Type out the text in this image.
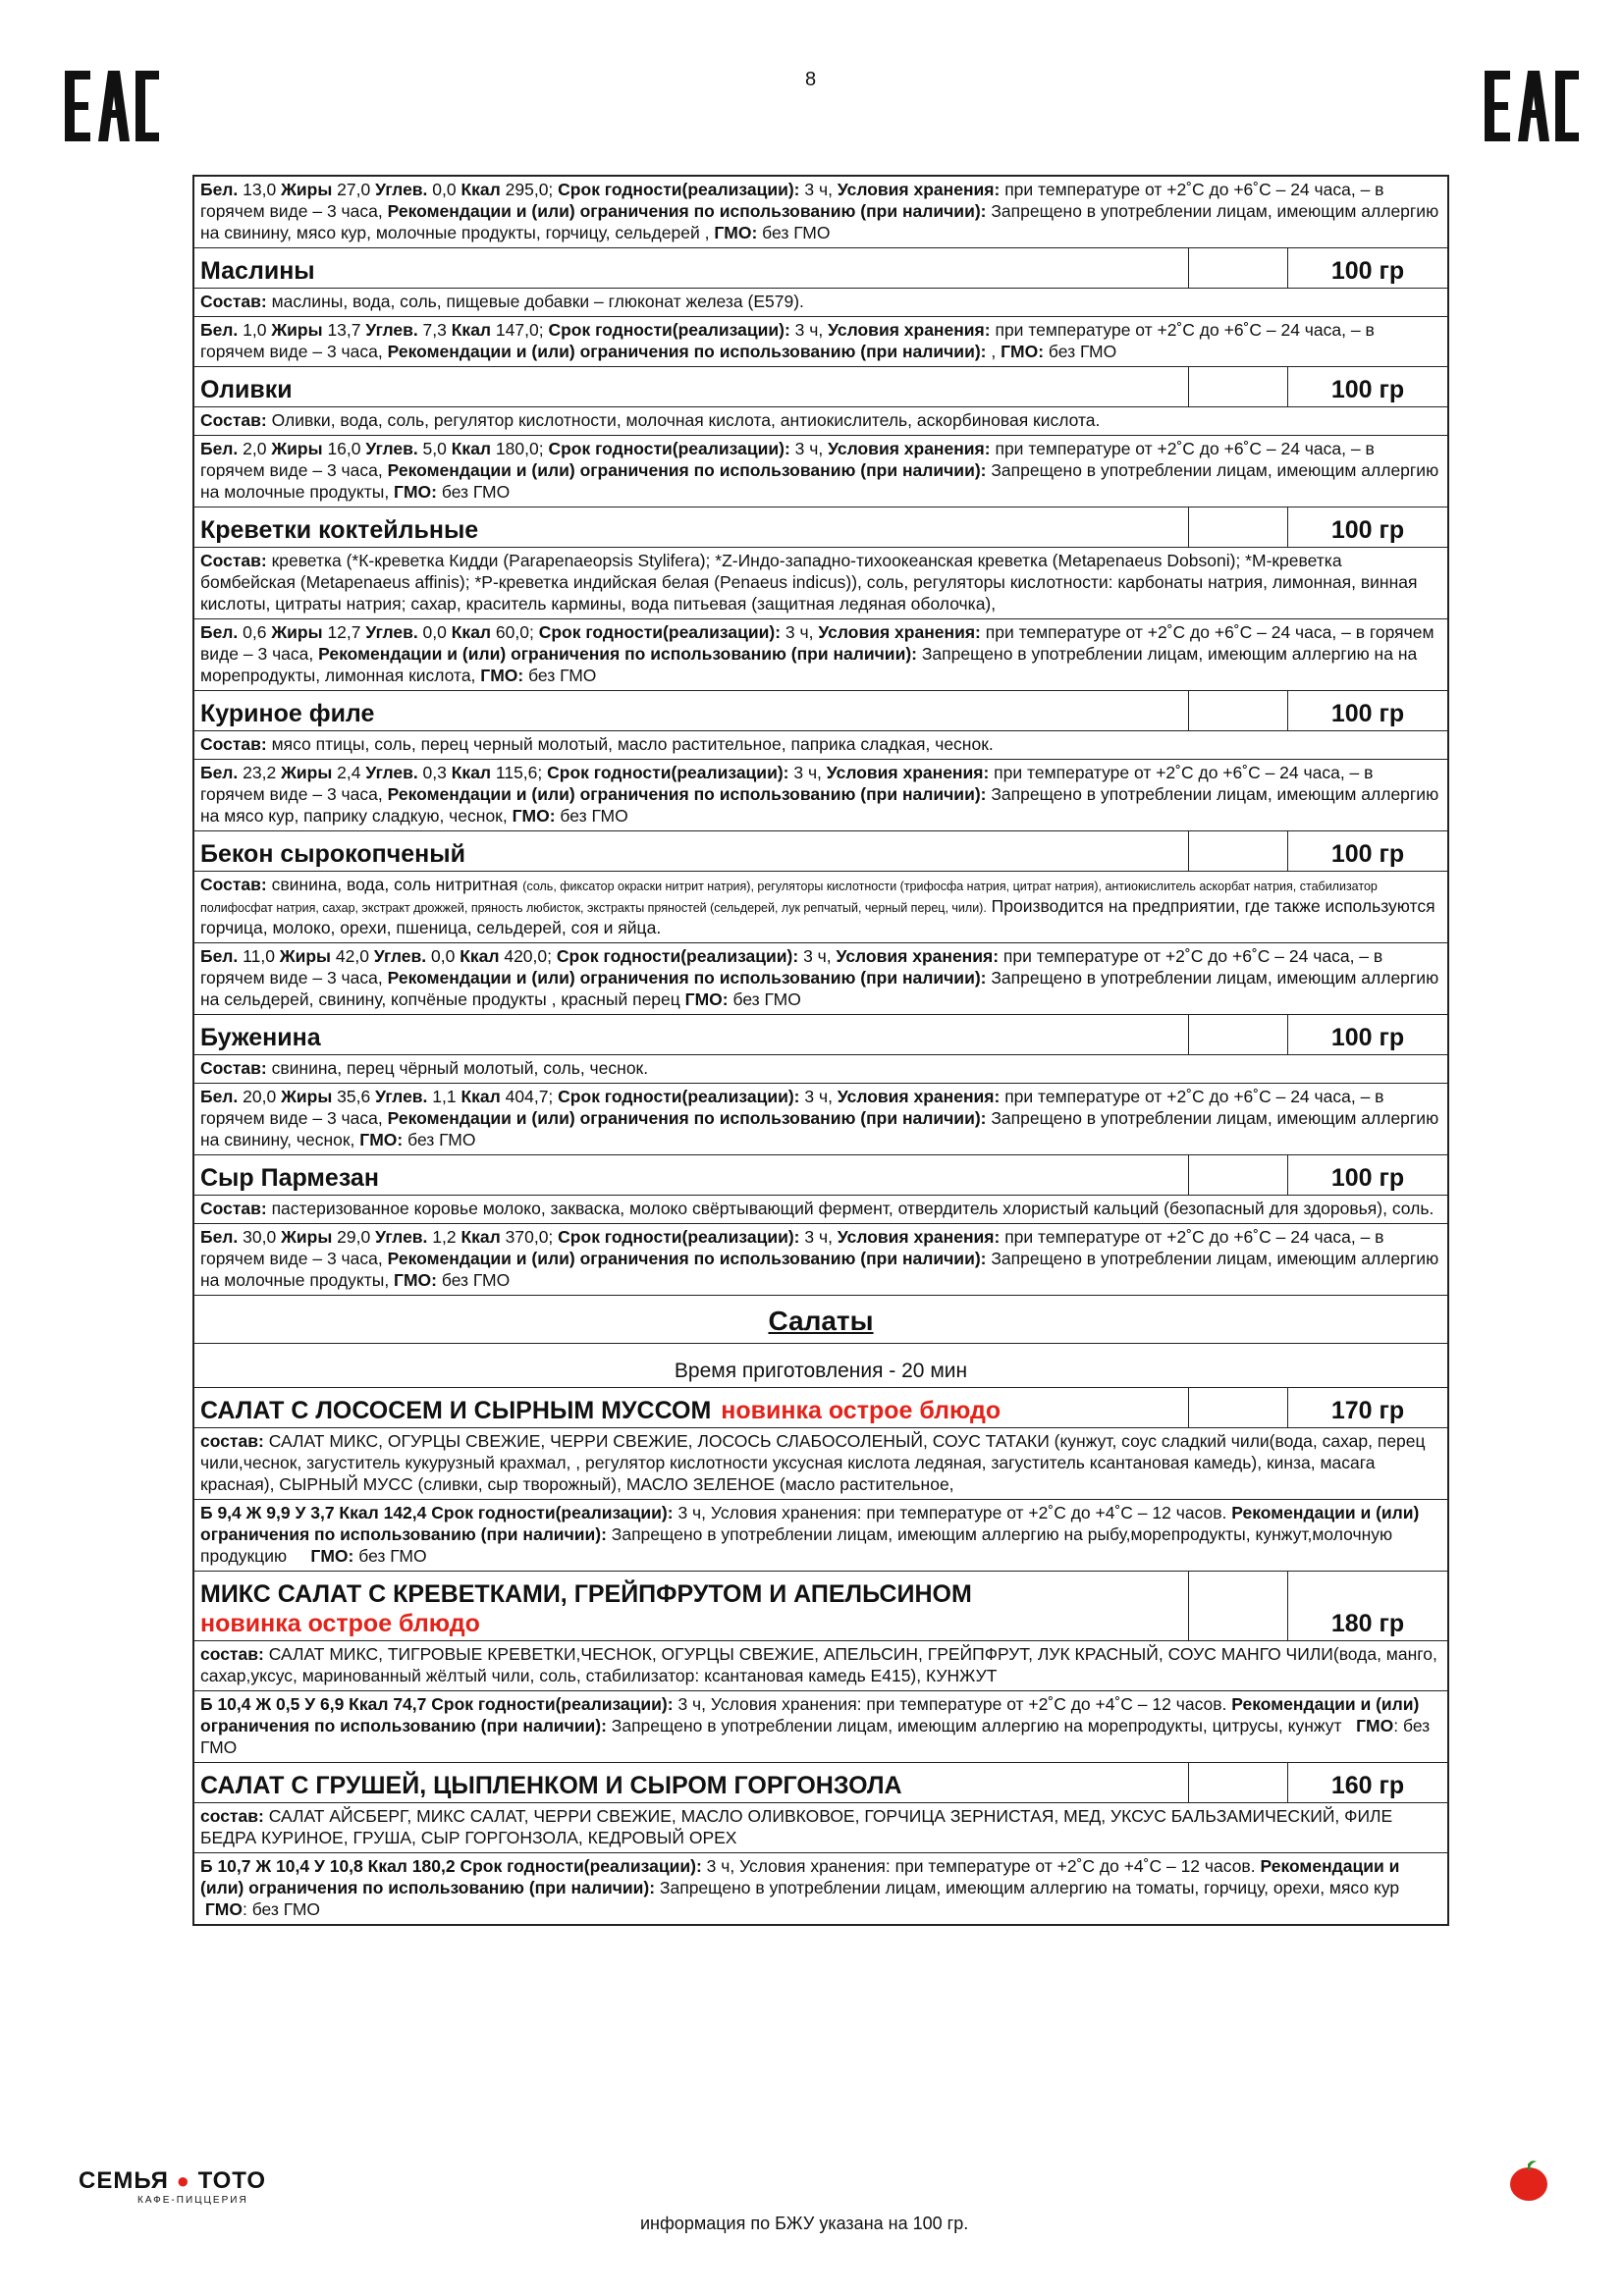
8
Бел. 13,0 Жиры 27,0 Углев. 0,0 Ккал 295,0; Срок годности(реализации): 3 ч, Условия хранения: при температуре от +2˚С до +6˚С – 24 часа, – в горячем виде – 3 часа, Рекомендации и (или) ограничения по использованию (при наличии): Запрещено в употреблении лицам, имеющим аллергию на свинину, мясо кур, молочные продукты, горчицу, сельдерей , ГМО: без ГМО
Маслины	100 гр
Состав: маслины, вода, соль, пищевые добавки – глюконат железа (E579).
Бел. 1,0 Жиры 13,7 Углев. 7,3 Ккал 147,0; Срок годности(реализации): 3 ч, Условия хранения: при температуре от +2˚С до +6˚С – 24 часа, – в горячем виде – 3 часа, Рекомендации и (или) ограничения по использованию (при наличии): , ГМО: без ГМО
Оливки	100 гр
Состав: Оливки, вода, соль, регулятор кислотности, молочная кислота, антиокислитель, аскорбиновая кислота.
Бел. 2,0 Жиры 16,0 Углев. 5,0 Ккал 180,0; Срок годности(реализации): 3 ч, Условия хранения: при температуре от +2˚С до +6˚С – 24 часа, – в горячем виде – 3 часа, Рекомендации и (или) ограничения по использованию (при наличии): Запрещено в употреблении лицам, имеющим аллергию на молочные продукты, ГМО: без ГМО
Креветки коктейльные	100 гр
Состав: креветка (*К-креветка Кидди (Parapenaeopsis Stylifera); *Z-Индо-западно-тихоокеанская креветка (Metapenaeus Dobsoni); *М-креветка бомбейская (Metapenaeus affinis); *Р-креветка индийская белая (Penaeus indicus)), соль, регуляторы кислотности: карбонаты натрия, лимонная, винная кислоты, цитраты натрия; сахар, краситель кармины, вода питьевая (защитная ледяная оболочка),
Бел. 0,6 Жиры 12,7 Углев. 0,0 Ккал 60,0; Срок годности(реализации): 3 ч, Условия хранения: при температуре от +2˚С до +6˚С – 24 часа, – в горячем виде – 3 часа, Рекомендации и (или) ограничения по использованию (при наличии): Запрещено в употреблении лицам, имеющим аллергию на на морепродукты, лимонная кислота, ГМО: без ГМО
Куриное филе	100 гр
Состав: мясо птицы, соль, перец черный молотый, масло растительное, паприка сладкая, чеснок.
Бел. 23,2 Жиры 2,4 Углев. 0,3 Ккал 115,6; Срок годности(реализации): 3 ч, Условия хранения: при температуре от +2˚С до +6˚С – 24 часа, – в горячем виде – 3 часа, Рекомендации и (или) ограничения по использованию (при наличии): Запрещено в употреблении лицам, имеющим аллергию на мясо кур, паприку сладкую, чеснок, ГМО: без ГМО
Бекон сырокопченый	100 гр
Состав: свинина, вода, соль нитритная (соль, фиксатор окраски нитрит натрия), регуляторы кислотности (трифосфа натрия, цитрат натрия), антиокислитель аскорбат натрия, стабилизатор полифосфат натрия, сахар, экстракт дрожжей, пряность любисток, экстракты пряностей (сельдерей, лук репчатый, черный перец, чили). Производится на предприятии, где также используются горчица, молоко, орехи, пшеница, сельдерей, соя и яйца.
Бел. 11,0 Жиры 42,0 Углев. 0,0 Ккал 420,0; Срок годности(реализации): 3 ч, Условия хранения: при температуре от +2˚С до +6˚С – 24 часа, – в горячем виде – 3 часа, Рекомендации и (или) ограничения по использованию (при наличии): Запрещено в употреблении лицам, имеющим аллергию на сельдерей, свинину, копчёные продукты , красный перец ГМО: без ГМО
Буженина	100 гр
Состав: свинина, перец чёрный молотый, соль, чеснок.
Бел. 20,0 Жиры 35,6 Углев. 1,1 Ккал 404,7; Срок годности(реализации): 3 ч, Условия хранения: при температуре от +2˚С до +6˚С – 24 часа, – в горячем виде – 3 часа, Рекомендации и (или) ограничения по использованию (при наличии): Запрещено в употреблении лицам, имеющим аллергию на свинину, чеснок, ГМО: без ГМО
Сыр Пармезан	100 гр
Состав: пастеризованное коровье молоко, закваска, молоко свёртывающий фермент, отвердитель хлористый кальций (безопасный для здоровья), соль.
Бел. 30,0 Жиры 29,0 Углев. 1,2 Ккал 370,0; Срок годности(реализации): 3 ч, Условия хранения: при температуре от +2˚С до +6˚С – 24 часа, – в горячем виде – 3 часа, Рекомендации и (или) ограничения по использованию (при наличии): Запрещено в употреблении лицам, имеющим аллергию на молочные продукты, ГМО: без ГМО
Салаты
Время приготовления - 20 мин
САЛАТ С ЛОСОСЕМ И СЫРНЫМ МУССОМ новинка острое блюдо	170 гр
состав: САЛАТ МИКС, ОГУРЦЫ СВЕЖИЕ, ЧЕРРИ СВЕЖИЕ, ЛОСОСЬ СЛАБОСОЛЕНЫЙ, СОУС ТАТАКИ (кунжут, соус сладкий чили(вода, сахар, перец чили,чеснок, загуститель кукурузный крахмал, , регулятор кислотности уксусная кислота ледяная, загуститель ксантановая камедь), кинза, масага красная), СЫРНЫЙ МУСС (сливки, сыр творожный), МАСЛО ЗЕЛЕНОЕ (масло растительное,
Б 9,4 Ж 9,9 У 3,7 Ккал 142,4 Срок годности(реализации): 3 ч, Условия хранения: при температуре от +2˚С до +4˚С – 12 часов. Рекомендации и (или) ограничения по использованию (при наличии): Запрещено в употреблении лицам, имеющим аллергию на рыбу,морепродукты, кунжут,молочную продукцию     ГМО: без ГМО
МИКС САЛАТ С КРЕВЕТКАМИ, ГРЕЙПФРУТОМ И АПЕЛЬСИНОМ
новинка острое блюдо	180 гр
состав: САЛАТ МИКС, ТИГРОВЫЕ КРЕВЕТКИ,ЧЕСНОК, ОГУРЦЫ СВЕЖИЕ, АПЕЛЬСИН, ГРЕЙПФРУТ, ЛУК КРАСНЫЙ, СОУС МАНГО ЧИЛИ(вода, манго, сахар,уксус, маринованный жёлтый чили, соль, стабилизатор: ксантановая камедь Е415), КУНЖУТ
Б 10,4 Ж 0,5 У 6,9 Ккал 74,7 Срок годности(реализации): 3 ч, Условия хранения: при температуре от +2˚С до +4˚С – 12 часов. Рекомендации и (или) ограничения по использованию (при наличии): Запрещено в употреблении лицам, имеющим аллергию на морепродукты, цитрусы, кунжут   ГМО: без ГМО
САЛАТ С ГРУШЕЙ, ЦЫПЛЕНКОМ И СЫРОМ ГОРГОНЗОЛА	160 гр
состав: САЛАТ АЙСБЕРГ, МИКС САЛАТ, ЧЕРРИ СВЕЖИЕ, МАСЛО ОЛИВКОВОЕ, ГОРЧИЦА ЗЕРНИСТАЯ, МЕД, УКСУС БАЛЬЗАМИЧЕСКИЙ, ФИЛЕ БЕДРА КУРИНОЕ, ГРУША, СЫР ГОРГОНЗОЛА, КЕДРОВЫЙ ОРЕХ
Б 10,7 Ж 10,4 У 10,8 Ккал 180,2 Срок годности(реализации): 3 ч, Условия хранения: при температуре от +2˚С до +4˚С – 12 часов. Рекомендации и (или) ограничения по использованию (при наличии): Запрещено в употреблении лицам, имеющим аллергию на томаты, горчицу, орехи, мясо кур  ГМО: без ГМО
СЕМЬЯ ● ТОТО
КАФЕ-ПИЦЦЕРИЯ
информация по БЖУ указана на 100 гр.
